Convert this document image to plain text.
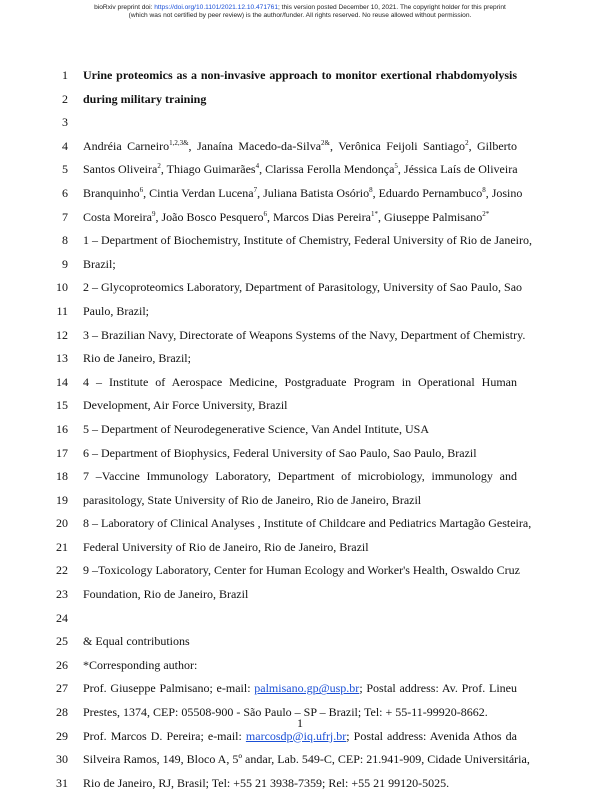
bioRxiv preprint doi: https://doi.org/10.1101/2021.12.10.471761; this version posted December 10, 2021. The copyright holder for this preprint
(which was not certified by peer review) is the author/funder. All rights reserved. No reuse allowed without permission.
1 Urine proteomics as a non-invasive approach to monitor exertional rhabdomyolysis
2 during military training
3
4 Andréia Carneiro$^{1,2,3\&}$, Janaína Macedo-da-Silva$^{2\&}$, Verônica Feijoli Santiago$^2$, Gilberto
5 Santos Oliveira$^2$, Thiago Guimarães$^4$, Clarissa Ferolla Mendonça$^5$, Jéssica Laís de Oliveira
6 Branquinho$^6$, Cintia Verdan Lucena$^7$, Juliana Batista Osório$^8$, Eduardo Pernambuco$^8$, Josino
7 Costa Moreira$^9$, João Bosco Pesquero$^6$, Marcos Dias Pereira$^{1*}$, Giuseppe Palmisano$^{2*}$
8 1 – Department of Biochemistry, Institute of Chemistry, Federal University of Rio de Janeiro,
9 Brazil;
10 2 – Glycoproteomics Laboratory, Department of Parasitology, University of Sao Paulo, Sao
11 Paulo, Brazil;
12 3 – Brazilian Navy, Directorate of Weapons Systems of the Navy, Department of Chemistry.
13 Rio de Janeiro, Brazil;
14 4 – Institute of Aerospace Medicine, Postgraduate Program in Operational Human
15 Development, Air Force University, Brazil
16 5 – Department of Neurodegenerative Science, Van Andel Intitute, USA
17 6 – Department of Biophysics, Federal University of Sao Paulo, Sao Paulo, Brazil
18 7 –Vaccine Immunology Laboratory, Department of microbiology, immunology and
19 parasitology, State University of Rio de Janeiro, Rio de Janeiro, Brazil
20 8 – Laboratory of Clinical Analyses , Institute of Childcare and Pediatrics Martagão Gesteira,
21 Federal University of Rio de Janeiro, Rio de Janeiro, Brazil
22 9 –Toxicology Laboratory, Center for Human Ecology and Worker's Health, Oswaldo Cruz
23 Foundation, Rio de Janeiro, Brazil
24
25 & Equal contributions
26 *Corresponding author:
27 Prof. Giuseppe Palmisano; e-mail: palmisano.gp@usp.br; Postal address: Av. Prof. Lineu
28 Prestes, 1374, CEP: 05508-900 - São Paulo – SP – Brazil; Tel: + 55-11-99920-8662.
29 Prof. Marcos D. Pereira; e-mail: marcosdp@iq.ufrj.br; Postal address: Avenida Athos da
30 Silveira Ramos, 149, Bloco A, 5º andar, Lab. 549-C, CEP: 21.941-909, Cidade Universitária,
31 Rio de Janeiro, RJ, Brasil; Tel: +55 21 3938-7359; Rel: +55 21 99120-5025.
1
